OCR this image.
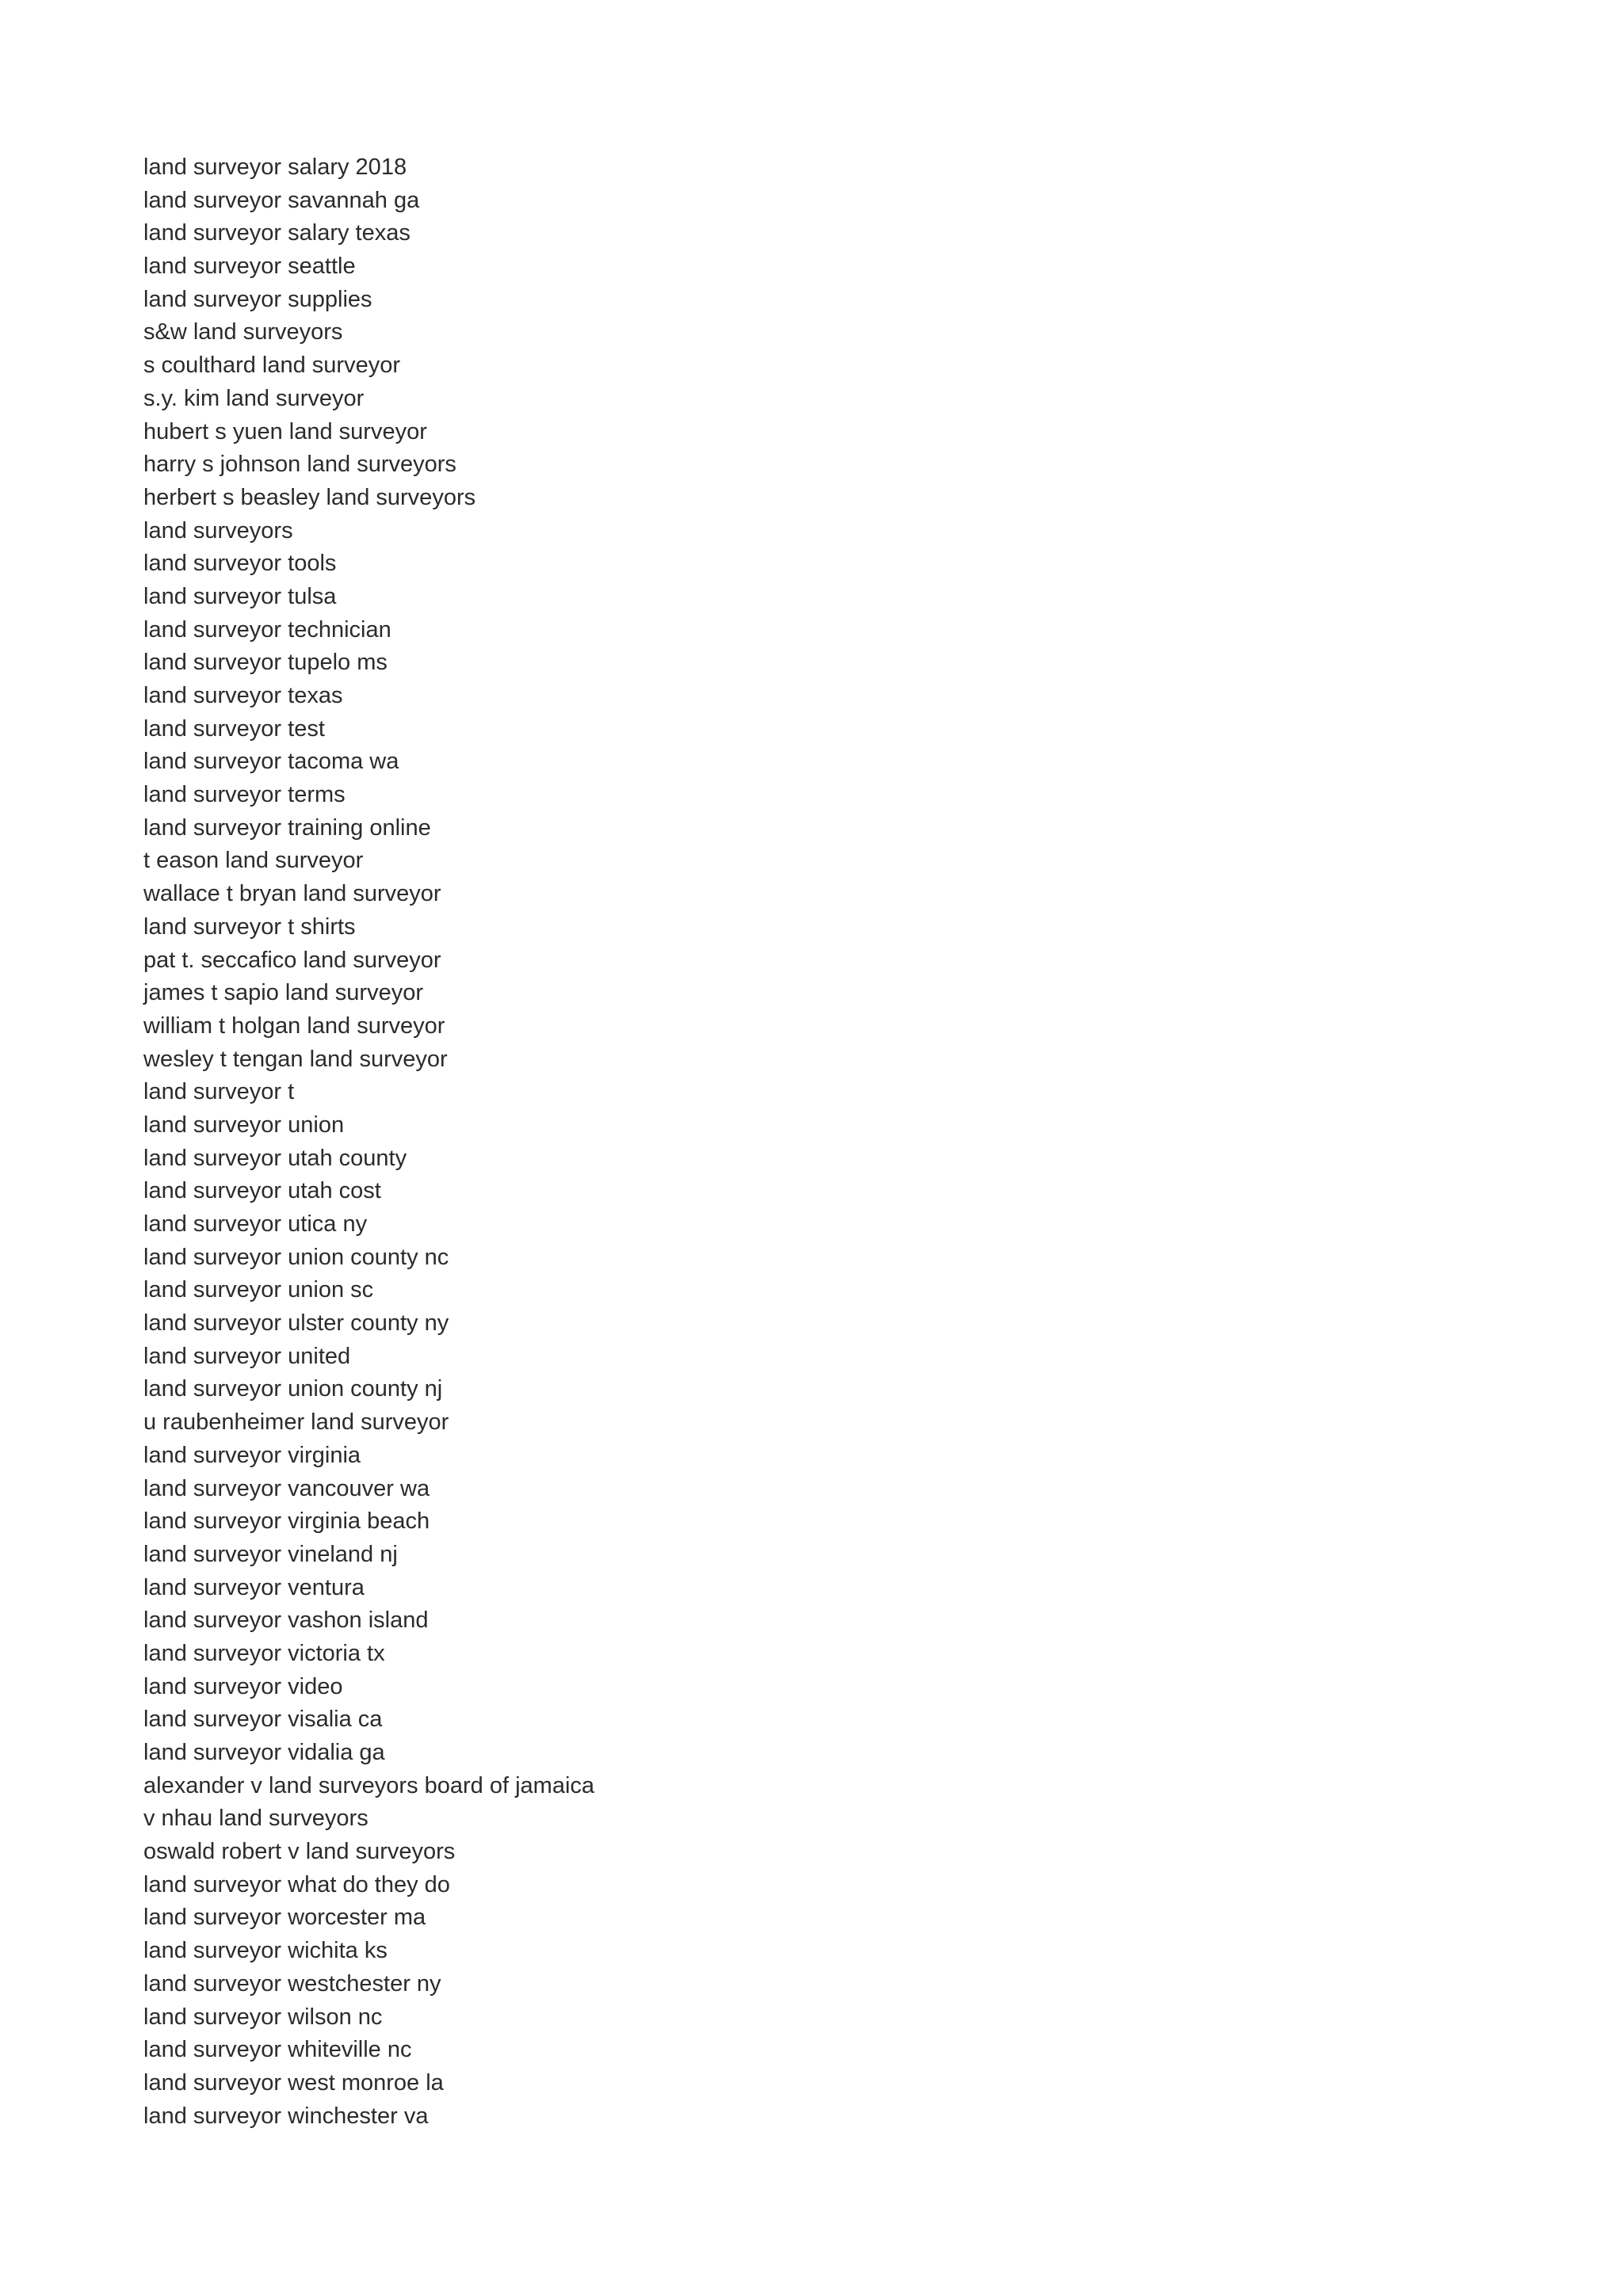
land surveyor salary 2018
land surveyor savannah ga
land surveyor salary texas
land surveyor seattle
land surveyor supplies
s&w land surveyors
s coulthard land surveyor
s.y. kim land surveyor
hubert s yuen land surveyor
harry s johnson land surveyors
herbert s beasley land surveyors
land surveyors
land surveyor tools
land surveyor tulsa
land surveyor technician
land surveyor tupelo ms
land surveyor texas
land surveyor test
land surveyor tacoma wa
land surveyor terms
land surveyor training online
t eason land surveyor
wallace t bryan land surveyor
land surveyor t shirts
pat t. seccafico land surveyor
james t sapio land surveyor
william t holgan land surveyor
wesley t tengan land surveyor
land surveyor t
land surveyor union
land surveyor utah county
land surveyor utah cost
land surveyor utica ny
land surveyor union county nc
land surveyor union sc
land surveyor ulster county ny
land surveyor united
land surveyor union county nj
u raubenheimer land surveyor
land surveyor virginia
land surveyor vancouver wa
land surveyor virginia beach
land surveyor vineland nj
land surveyor ventura
land surveyor vashon island
land surveyor victoria tx
land surveyor video
land surveyor visalia ca
land surveyor vidalia ga
alexander v land surveyors board of jamaica
v nhau land surveyors
oswald robert v land surveyors
land surveyor what do they do
land surveyor worcester ma
land surveyor wichita ks
land surveyor westchester ny
land surveyor wilson nc
land surveyor whiteville nc
land surveyor west monroe la
land surveyor winchester va
